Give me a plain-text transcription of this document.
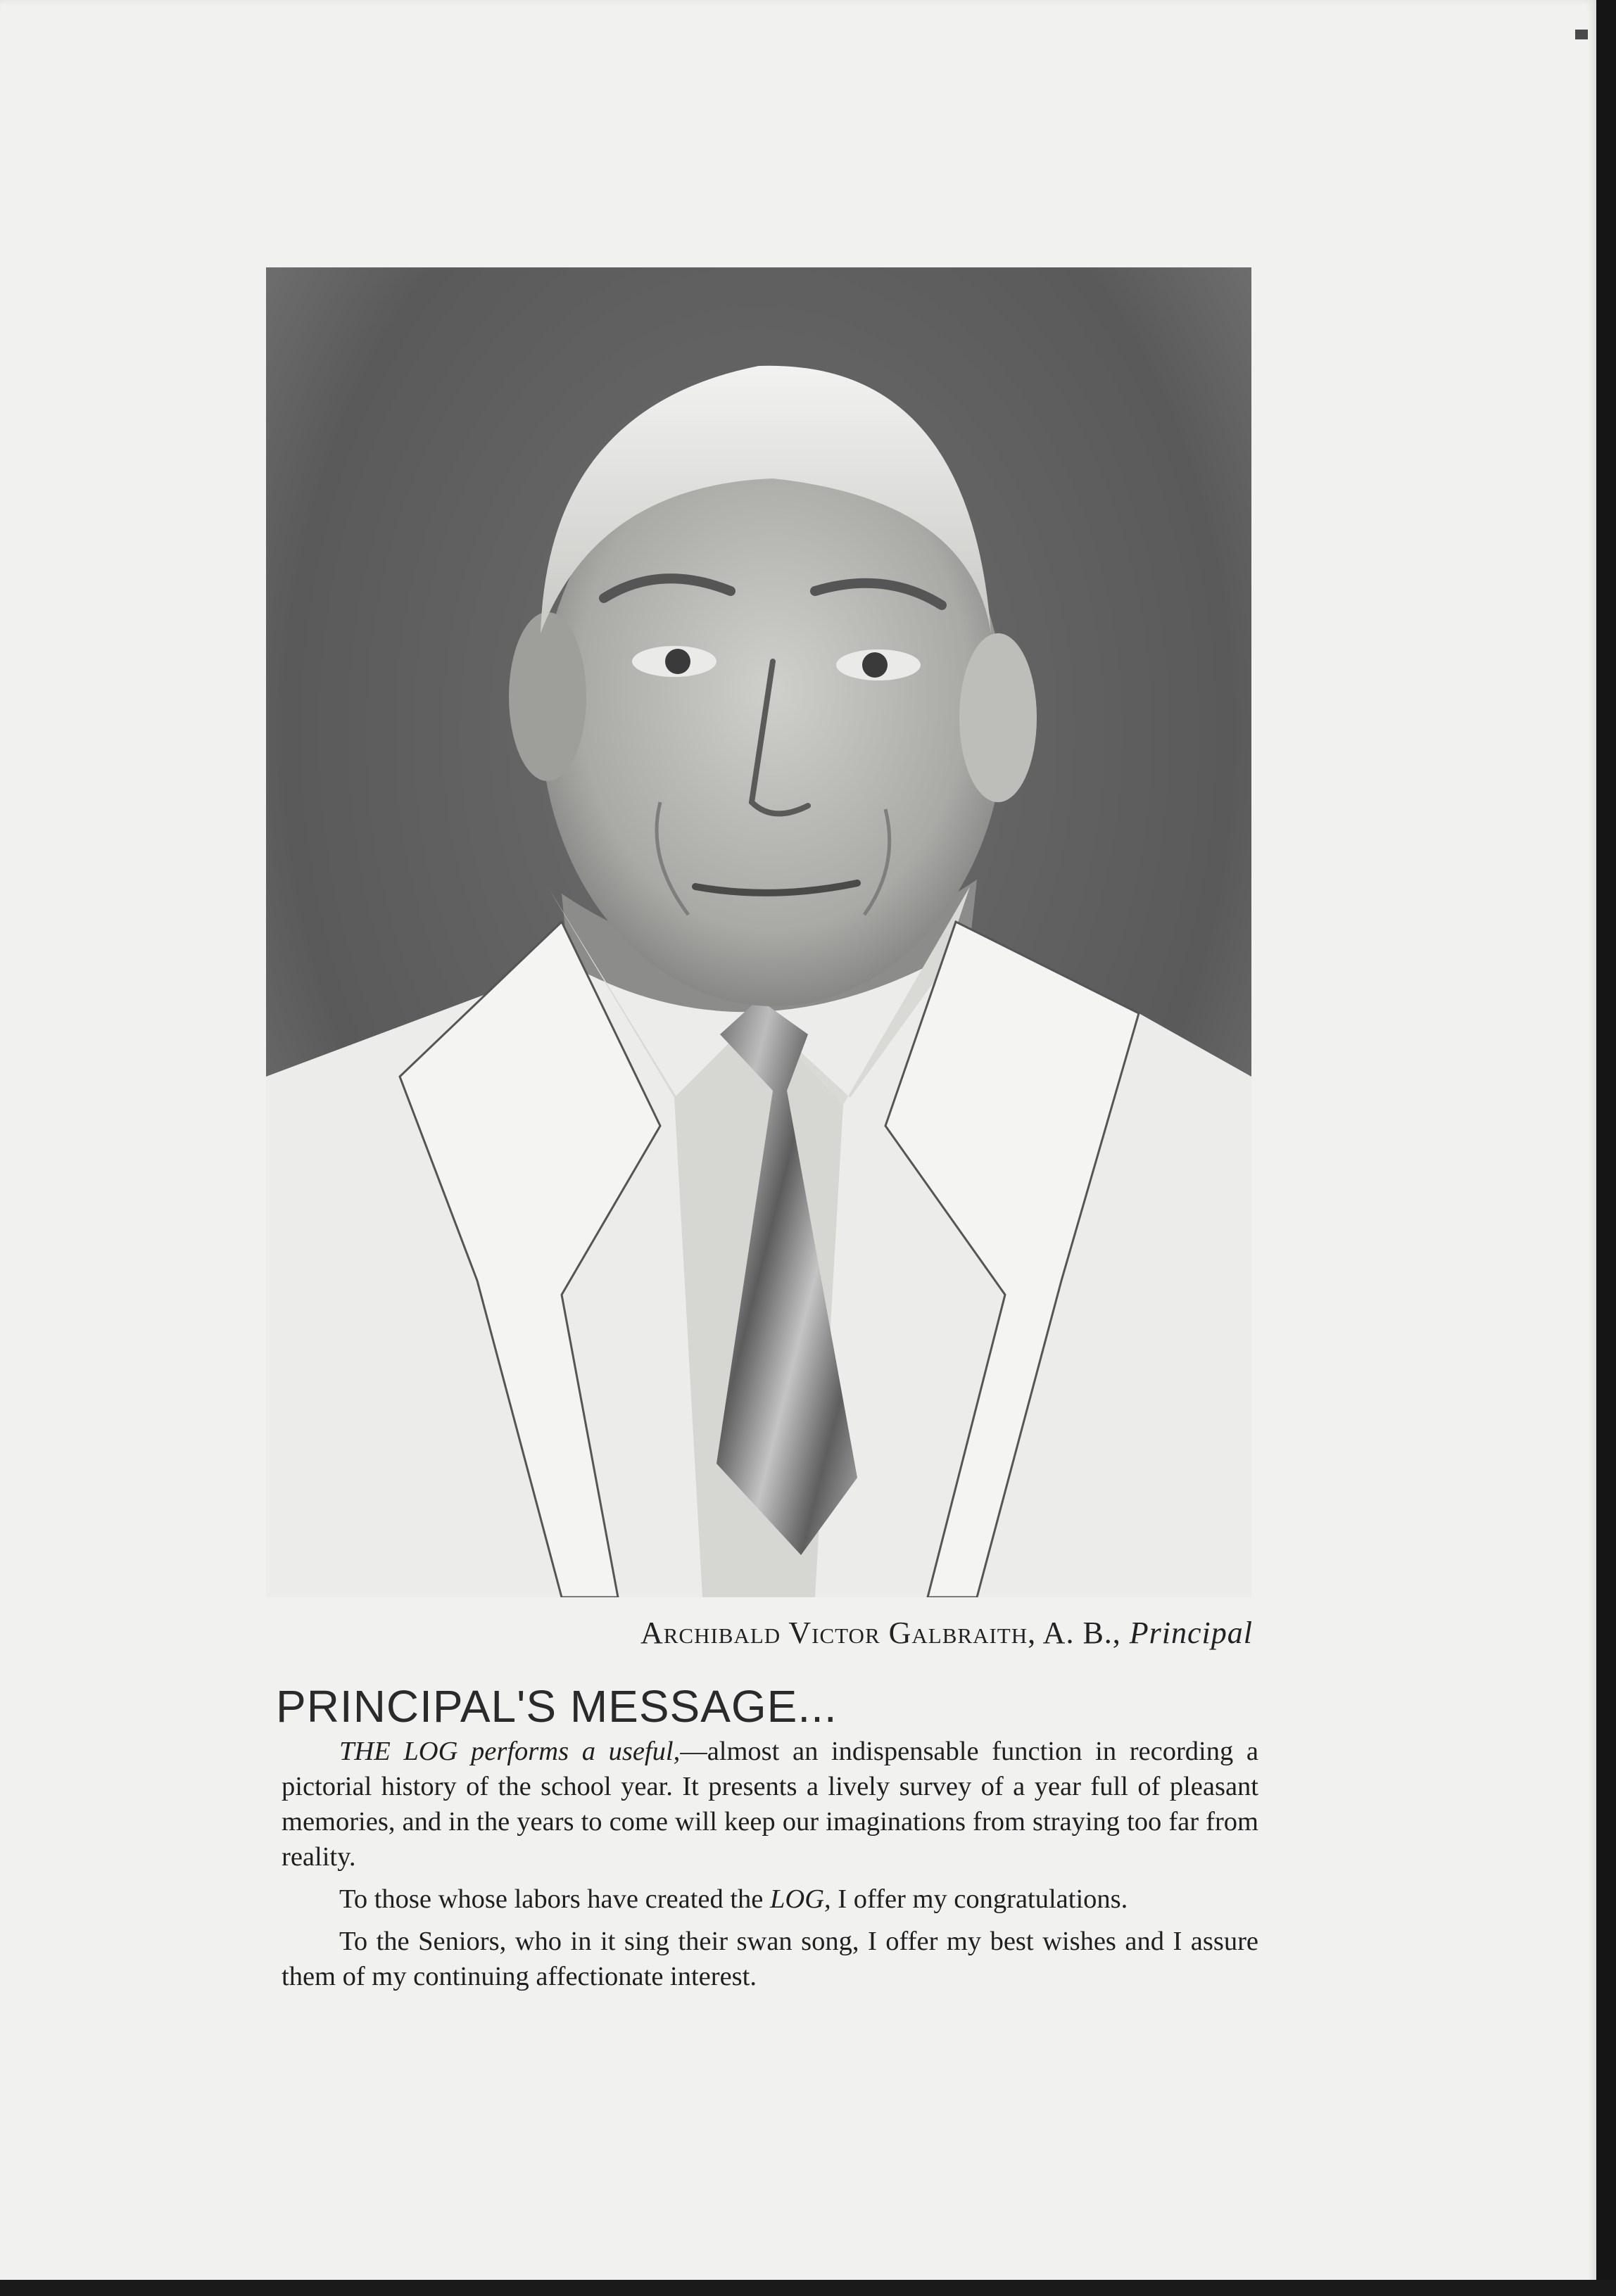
Archibald Victor Galbraith, A. B., Principal
PRINCIPAL'S MESSAGE...

THE LOG performs a useful,—almost an indispensable function in recording a pictorial history of the school year. It presents a lively survey of a year full of pleasant memories, and in the years to come will keep our imaginations from straying too far from reality.

To those whose labors have created the LOG, I offer my congratulations.

To the Seniors, who in it sing their swan song, I offer my best wishes and I assure them of my continuing affectionate interest.
